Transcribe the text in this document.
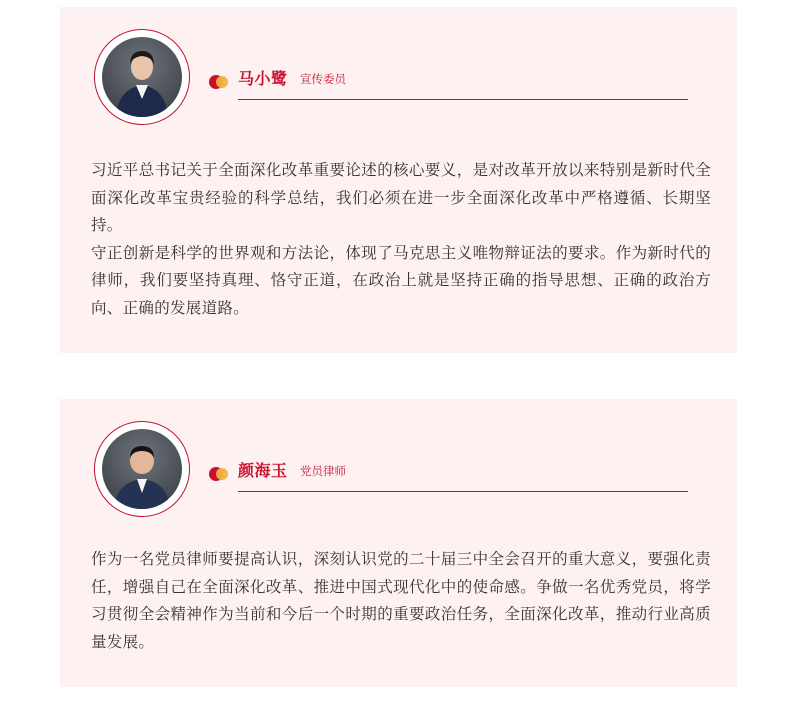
马小鹭 宣传委员

习近平总书记关于全面深化改革重要论述的核心要义，是对改革开放以来特别是新时代全面深化改革宝贵经验的科学总结，我们必须在进一步全面深化改革中严格遵循、长期坚持。

守正创新是科学的世界观和方法论，体现了马克思主义唯物辩证法的要求。作为新时代的律师，我们要坚持真理、恪守正道，在政治上就是坚持正确的指导思想、正确的政治方向、正确的发展道路。

颜海玉 党员律师

作为一名党员律师要提高认识，深刻认识党的二十届三中全会召开的重大意义，要强化责任，增强自己在全面深化改革、推进中国式现代化中的使命感。争做一名优秀党员，将学习贯彻全会精神作为当前和今后一个时期的重要政治任务，全面深化改革，推动行业高质量发展。
